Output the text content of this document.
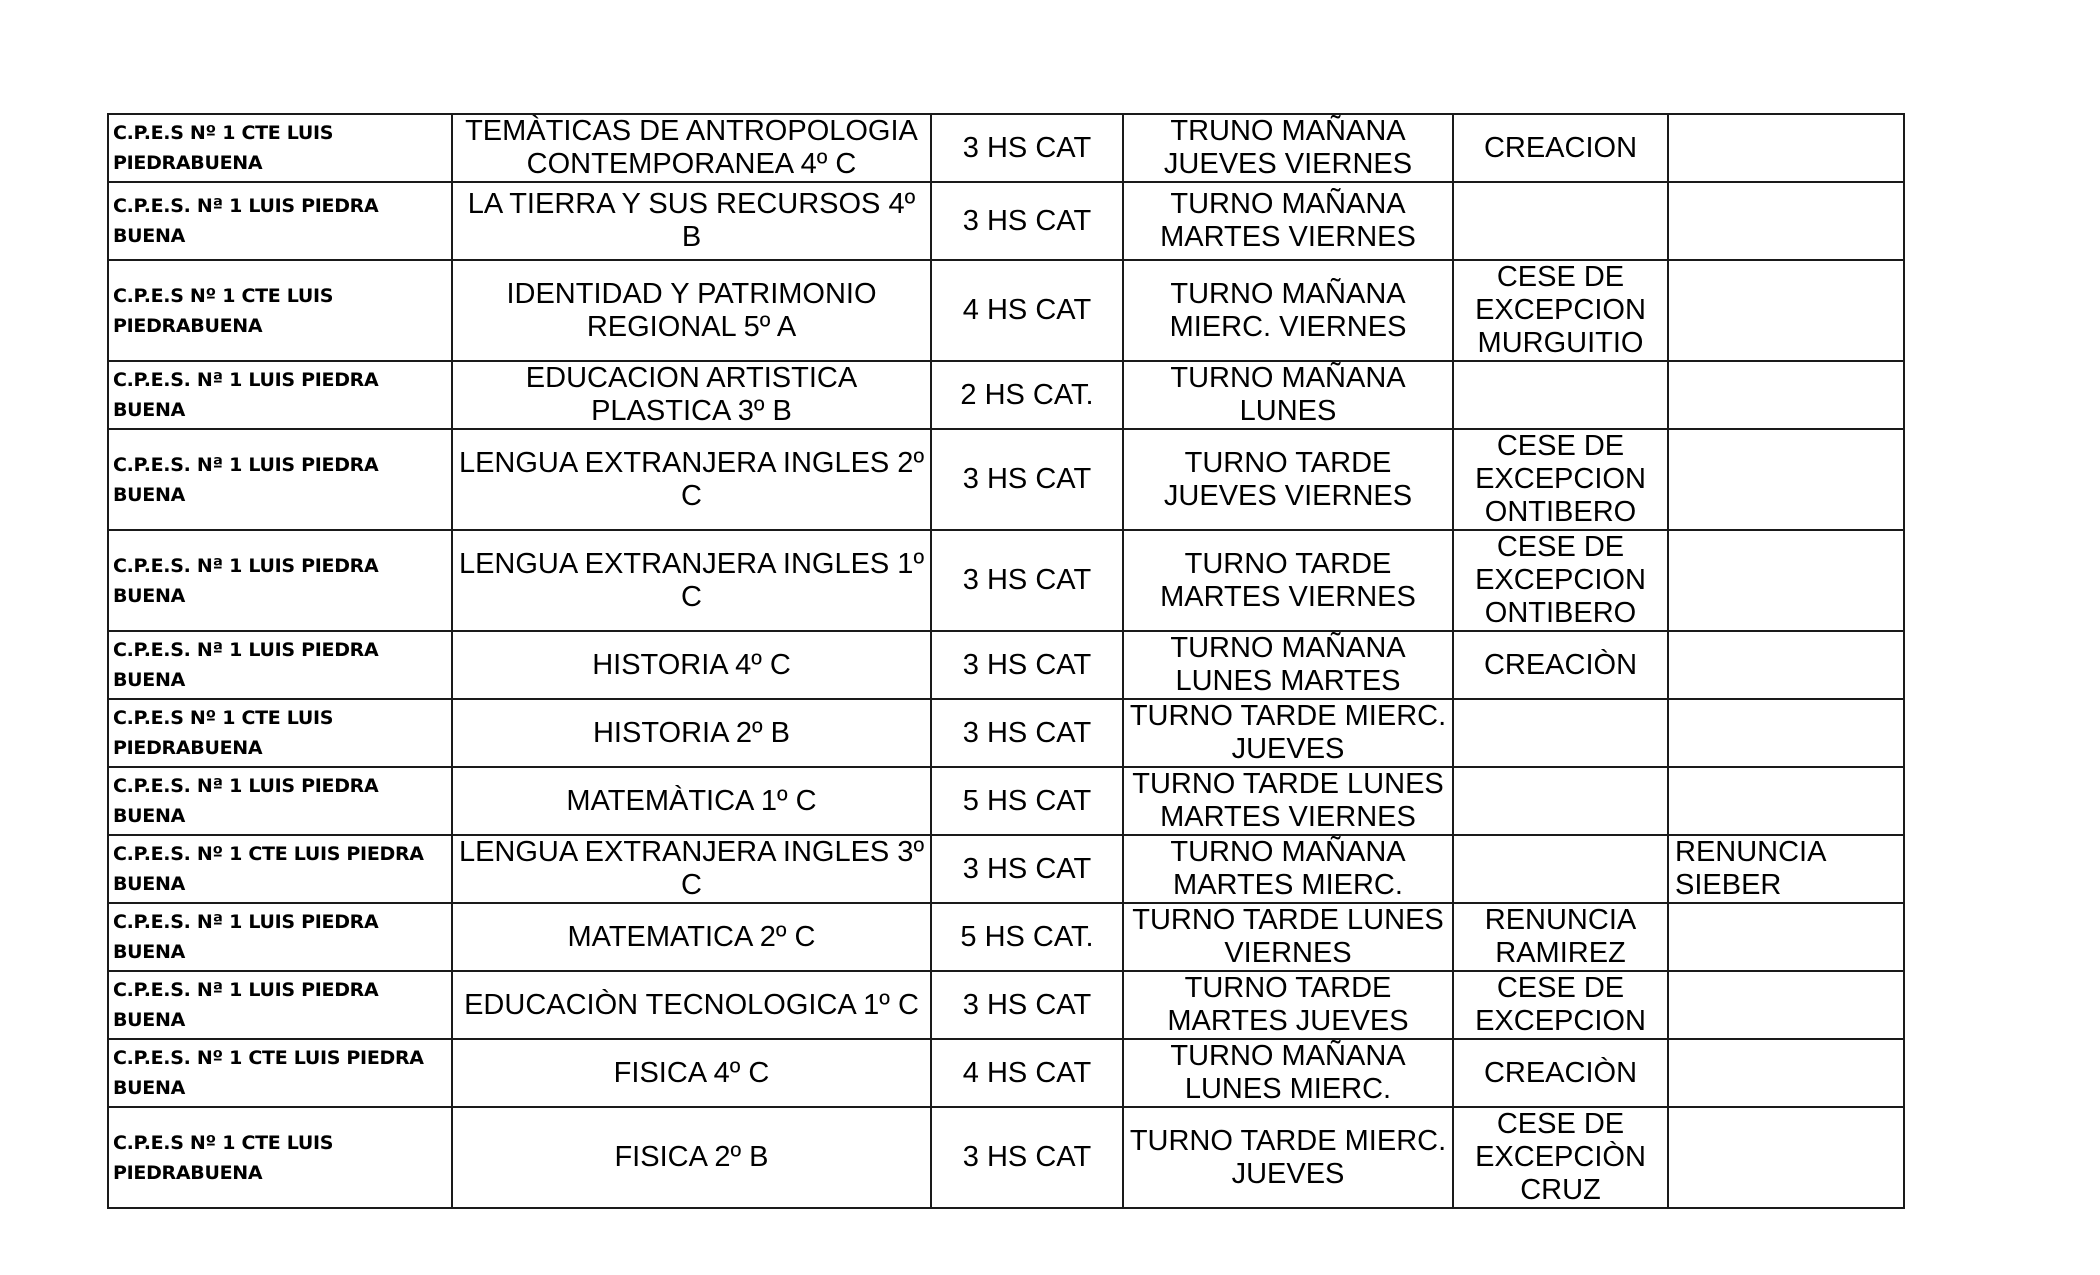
C.P.E.S Nº 1 CTE LUIS PIEDRABUENA	TEMÀTICAS DE ANTROPOLOGIA CONTEMPORANEA 4º C	3 HS CAT	TRUNO MAÑANA JUEVES VIERNES	CREACION	

C.P.E.S. Nª 1 LUIS PIEDRA BUENA	LA TIERRA Y SUS RECURSOS 4º B	3 HS CAT	TURNO MAÑANA MARTES VIERNES		

C.P.E.S Nº 1 CTE LUIS PIEDRABUENA	IDENTIDAD Y PATRIMONIO REGIONAL 5º A	4 HS CAT	TURNO MAÑANA MIERC. VIERNES	CESE DE EXCEPCION MURGUITIO	

C.P.E.S. Nª 1 LUIS PIEDRA BUENA	EDUCACION ARTISTICA PLASTICA 3º B	2 HS CAT.	TURNO MAÑANA LUNES		

C.P.E.S. Nª 1 LUIS PIEDRA BUENA	LENGUA EXTRANJERA INGLES 2º C	3 HS CAT	TURNO TARDE JUEVES VIERNES	CESE DE EXCEPCION ONTIBERO	

C.P.E.S. Nª 1 LUIS PIEDRA BUENA	LENGUA EXTRANJERA INGLES 1º C	3 HS CAT	TURNO TARDE MARTES VIERNES	CESE DE EXCEPCION ONTIBERO	

C.P.E.S. Nª 1 LUIS PIEDRA BUENA	HISTORIA 4º C	3 HS CAT	TURNO MAÑANA LUNES MARTES	CREACIÒN	

C.P.E.S Nº 1 CTE LUIS PIEDRABUENA	HISTORIA 2º B	3 HS CAT	TURNO TARDE MIERC. JUEVES		

C.P.E.S. Nª 1 LUIS PIEDRA BUENA	MATEMÀTICA 1º C	5 HS CAT	TURNO TARDE LUNES MARTES VIERNES		

C.P.E.S. Nº 1 CTE LUIS PIEDRA BUENA	LENGUA EXTRANJERA INGLES 3º C	3 HS CAT	TURNO MAÑANA MARTES MIERC.		RENUNCIA SIEBER

C.P.E.S. Nª 1 LUIS PIEDRA BUENA	MATEMATICA 2º C	5 HS CAT.	TURNO TARDE LUNES VIERNES	RENUNCIA RAMIREZ	

C.P.E.S. Nª 1 LUIS PIEDRA BUENA	EDUCACIÒN TECNOLOGICA 1º C	3 HS CAT	TURNO TARDE MARTES JUEVES	CESE DE EXCEPCION	

C.P.E.S. Nº 1 CTE LUIS PIEDRA BUENA	FISICA 4º C	4 HS CAT	TURNO MAÑANA LUNES MIERC.	CREACIÒN	

C.P.E.S Nº 1 CTE LUIS PIEDRABUENA	FISICA 2º B	3 HS CAT	TURNO TARDE MIERC. JUEVES	CESE DE EXCEPCIÒN CRUZ	
